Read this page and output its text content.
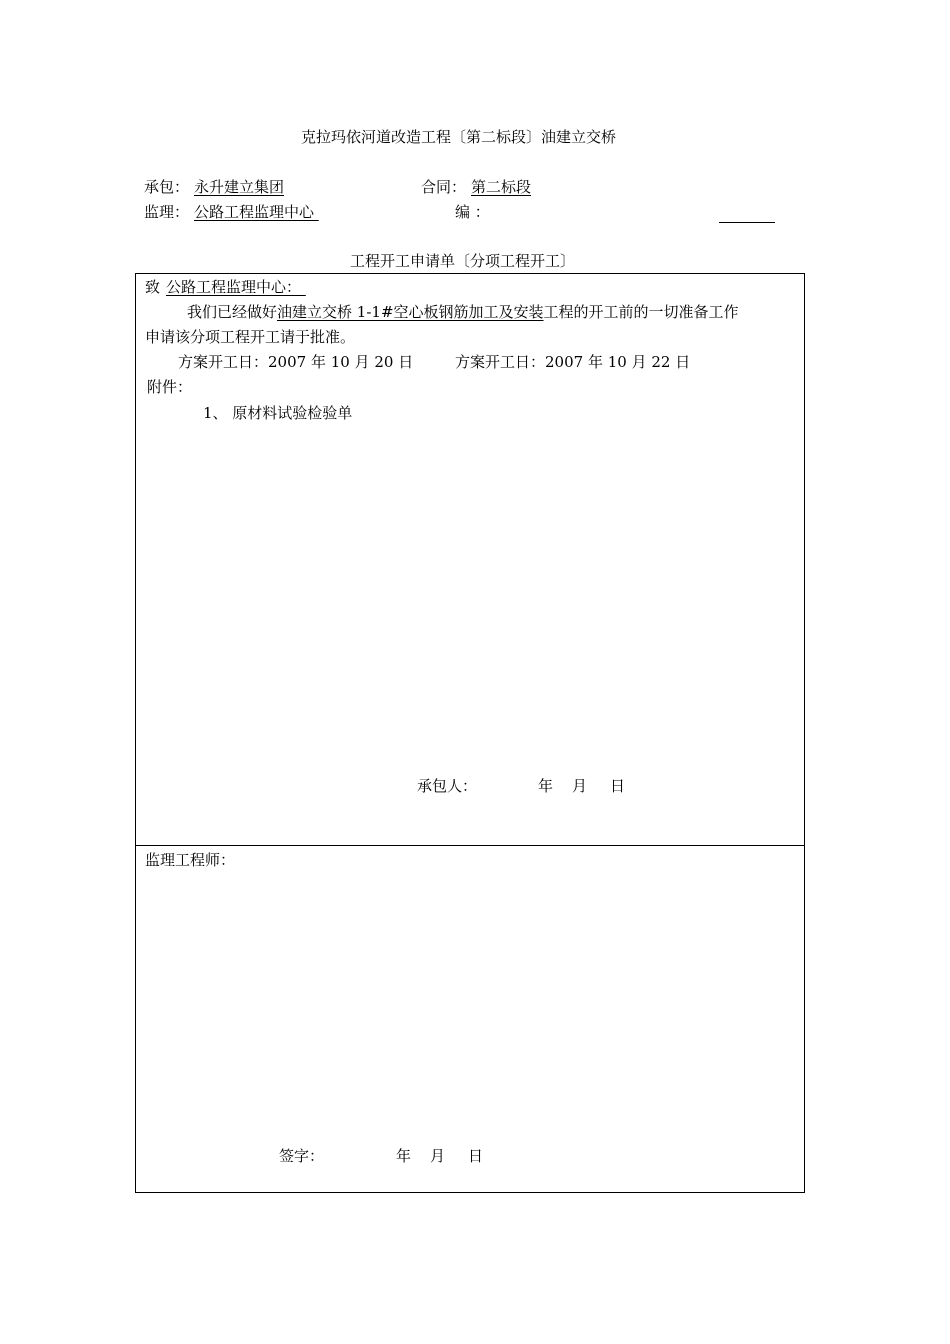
克拉玛依河道改造工程〔第二标段〕油建立交桥
承包： 永升建立集团	合同： 第二标段
监理： 公路工程监理中心	编 ：
工程开工申请单〔分项工程开工〕
致 公路工程监理中心：
我们已经做好油建立交桥 1-1#空心板钢筋加工及安装工程的开工前的一切准备工作
申请该分项工程开工请于批准。
方案开工日：2007 年 10 月 20 日	方案开工日：2007 年 10 月 22 日
附件：
1、 原材料试验检验单
承包人：	年 月 日
监理工程师：
签字：	年 月 日
